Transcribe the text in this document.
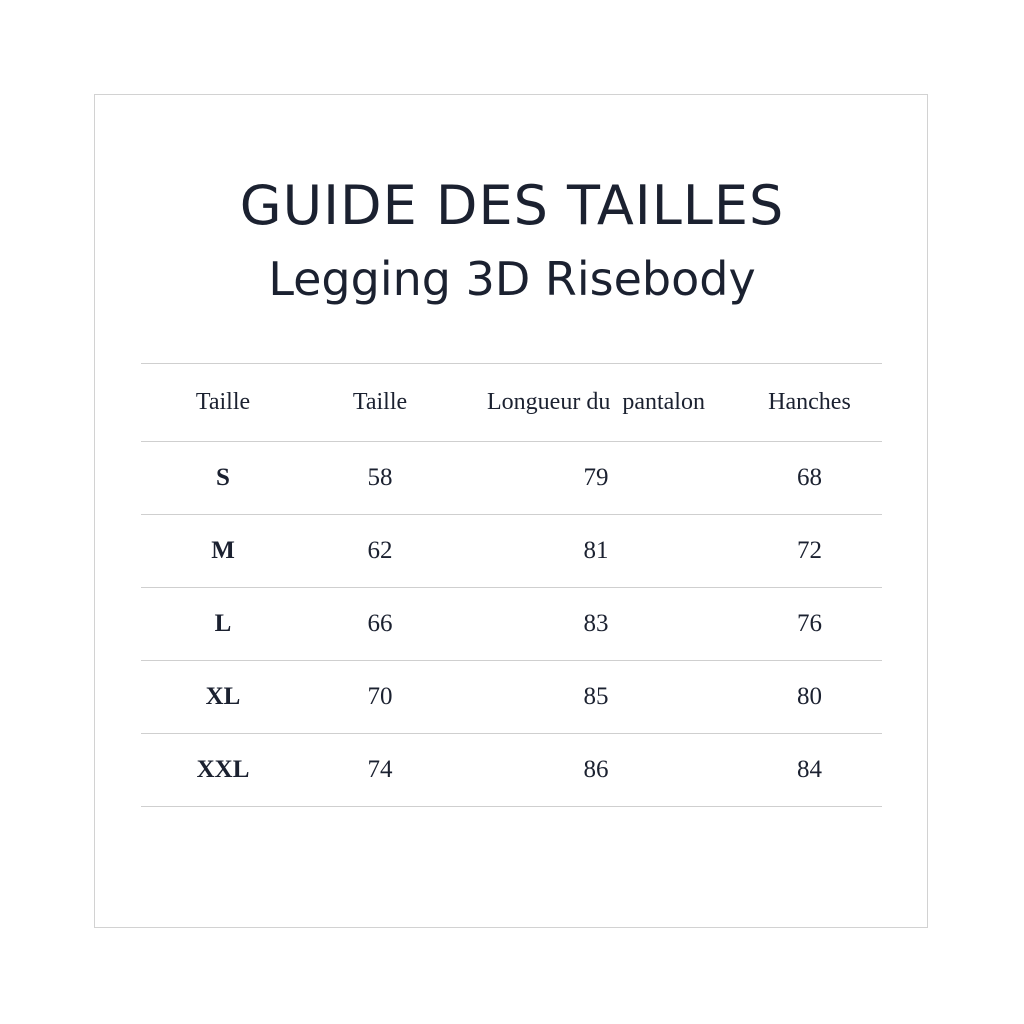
GUIDE DES TAILLES
Legging 3D Risebody
Taille	Taille	Longueur du  pantalon	Hanches
S	58	79	68
M	62	81	72
L	66	83	76
XL	70	85	80
XXL	74	86	84
